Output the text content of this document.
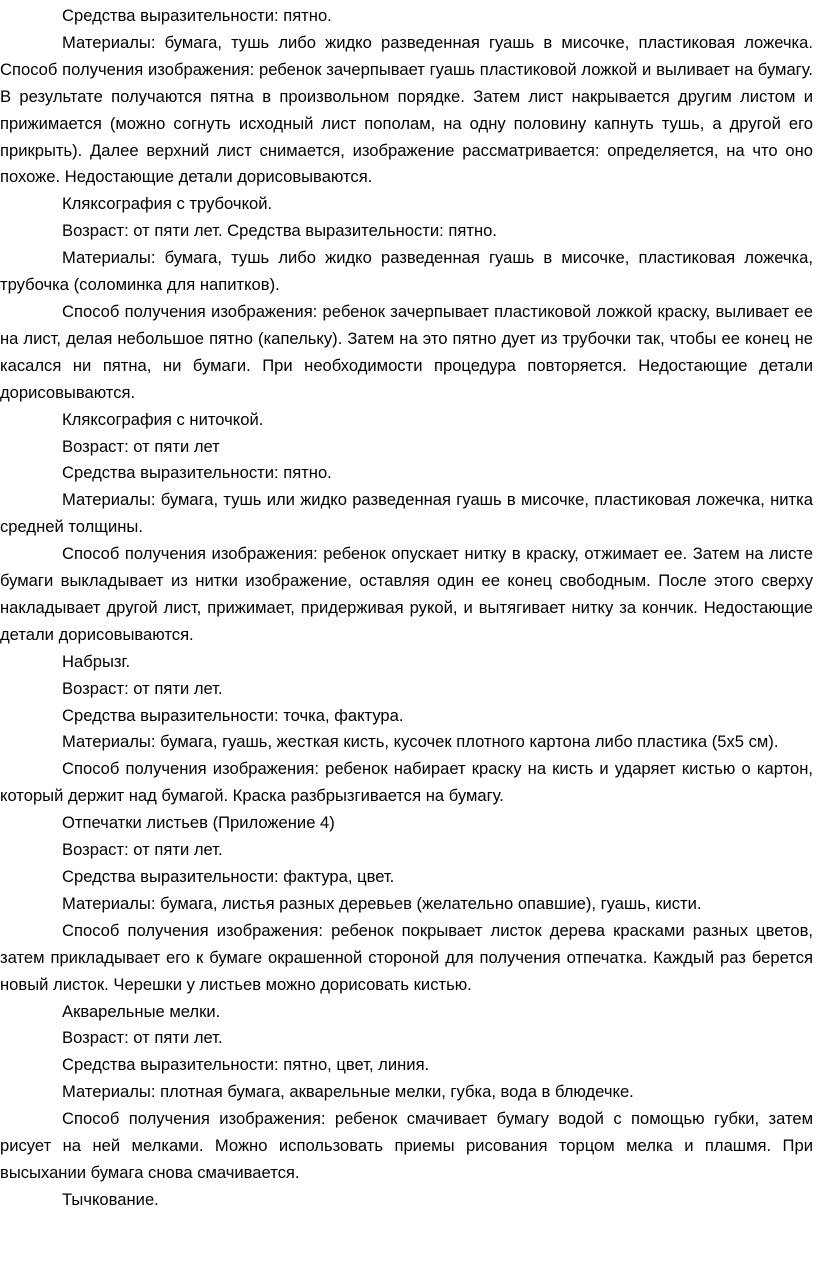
Средства выразительности: пятно.

Материалы: бумага, тушь либо жидко разведенная гуашь в мисочке, пластиковая ложечка. Способ получения изображения: ребенок зачерпывает гуашь пластиковой ложкой и выливает на бумагу. В результате получаются пятна в произвольном порядке. Затем лист накрывается другим листом и прижимается (можно согнуть исходный лист пополам, на одну половину капнуть тушь, а другой его прикрыть). Далее верхний лист снимается, изображение рассматривается: определяется, на что оно похоже. Недостающие детали дорисовываются.

Кляксография с трубочкой.

Возраст: от пяти лет. Средства выразительности: пятно.

Материалы: бумага, тушь либо жидко разведенная гуашь в мисочке, пластиковая ложечка, трубочка (соломинка для напитков).

Способ получения изображения: ребенок зачерпывает пластиковой ложкой краску, выливает ее на лист, делая небольшое пятно (капельку). Затем на это пятно дует из трубочки так, чтобы ее конец не касался ни пятна, ни бумаги. При необходимости процедура повторяется. Недостающие детали дорисовываются.

Кляксография с ниточкой.

Возраст: от пяти лет

Средства выразительности: пятно.

Материалы: бумага, тушь или жидко разведенная гуашь в мисочке, пластиковая ложечка, нитка средней толщины.

Способ получения изображения: ребенок опускает нитку в краску, отжимает ее. Затем на листе бумаги выкладывает из нитки изображение, оставляя один ее конец свободным. После этого сверху накладывает другой лист, прижимает, придерживая рукой, и вытягивает нитку за кончик. Недостающие детали дорисовываются.

Набрызг.

Возраст: от пяти лет.

Средства выразительности: точка, фактура.

Материалы: бумага, гуашь, жесткая кисть, кусочек плотного картона либо пластика (5х5 см).

Способ получения изображения: ребенок набирает краску на кисть и ударяет кистью о картон, который держит над бумагой. Краска разбрызгивается на бумагу.

Отпечатки листьев (Приложение 4)

Возраст: от пяти лет.

Средства выразительности: фактура, цвет.

Материалы: бумага, листья разных деревьев (желательно опавшие), гуашь, кисти.

Способ получения изображения: ребенок покрывает листок дерева красками разных цветов, затем прикладывает его к бумаге окрашенной стороной для получения отпечатка. Каждый раз берется новый листок. Черешки у листьев можно дорисовать кистью.

Акварельные мелки.

Возраст: от пяти лет.

Средства выразительности: пятно, цвет, линия.

Материалы: плотная бумага, акварельные мелки, губка, вода в блюдечке.

Способ получения изображения: ребенок смачивает бумагу водой с помощью губки, затем рисует на ней мелками. Можно использовать приемы рисования торцом мелка и плашмя. При высыхании бумага снова смачивается.

Тычкование.
